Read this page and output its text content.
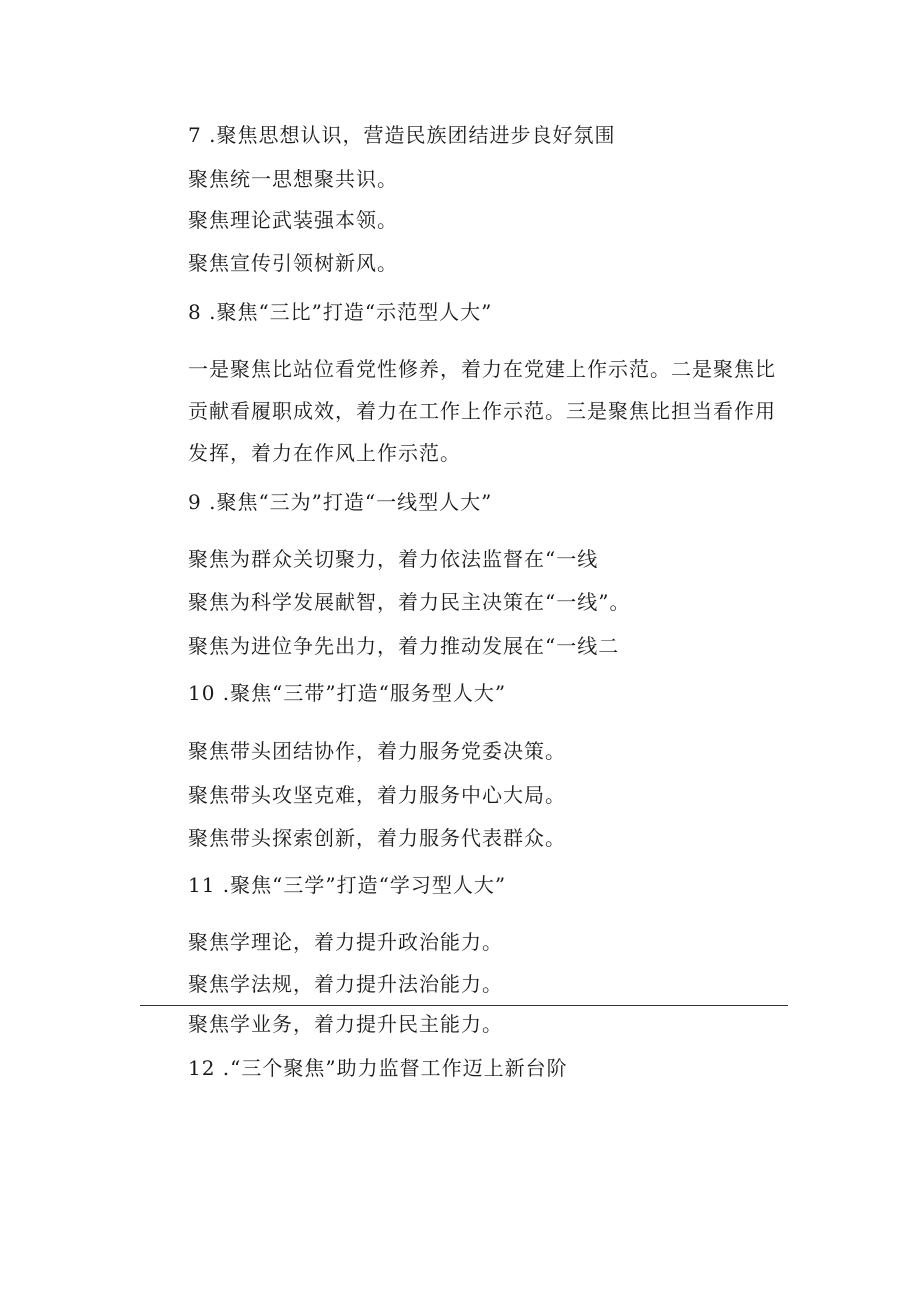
7 .聚焦思想认识，营造民族团结进步良好氛围
聚焦统一思想聚共识。
聚焦理论武装强本领。
聚焦宣传引领树新风。
8 .聚焦“三比”打造“示范型人大”
一是聚焦比站位看党性修养，着力在党建上作示范。二是聚焦比贡献看履职成效，着力在工作上作示范。三是聚焦比担当看作用发挥，着力在作风上作示范。
9 .聚焦“三为”打造“一线型人大”
聚焦为群众关切聚力，着力依法监督在“一线
聚焦为科学发展献智，着力民主决策在“一线”。
聚焦为进位争先出力，着力推动发展在“一线二
10 .聚焦“三带”打造“服务型人大”
聚焦带头团结协作，着力服务党委决策。
聚焦带头攻坚克难，着力服务中心大局。
聚焦带头探索创新，着力服务代表群众。
11 .聚焦“三学”打造“学习型人大”
聚焦学理论，着力提升政治能力。
聚焦学法规，着力提升法治能力。
聚焦学业务，着力提升民主能力。
12 .“三个聚焦”助力监督工作迈上新台阶
